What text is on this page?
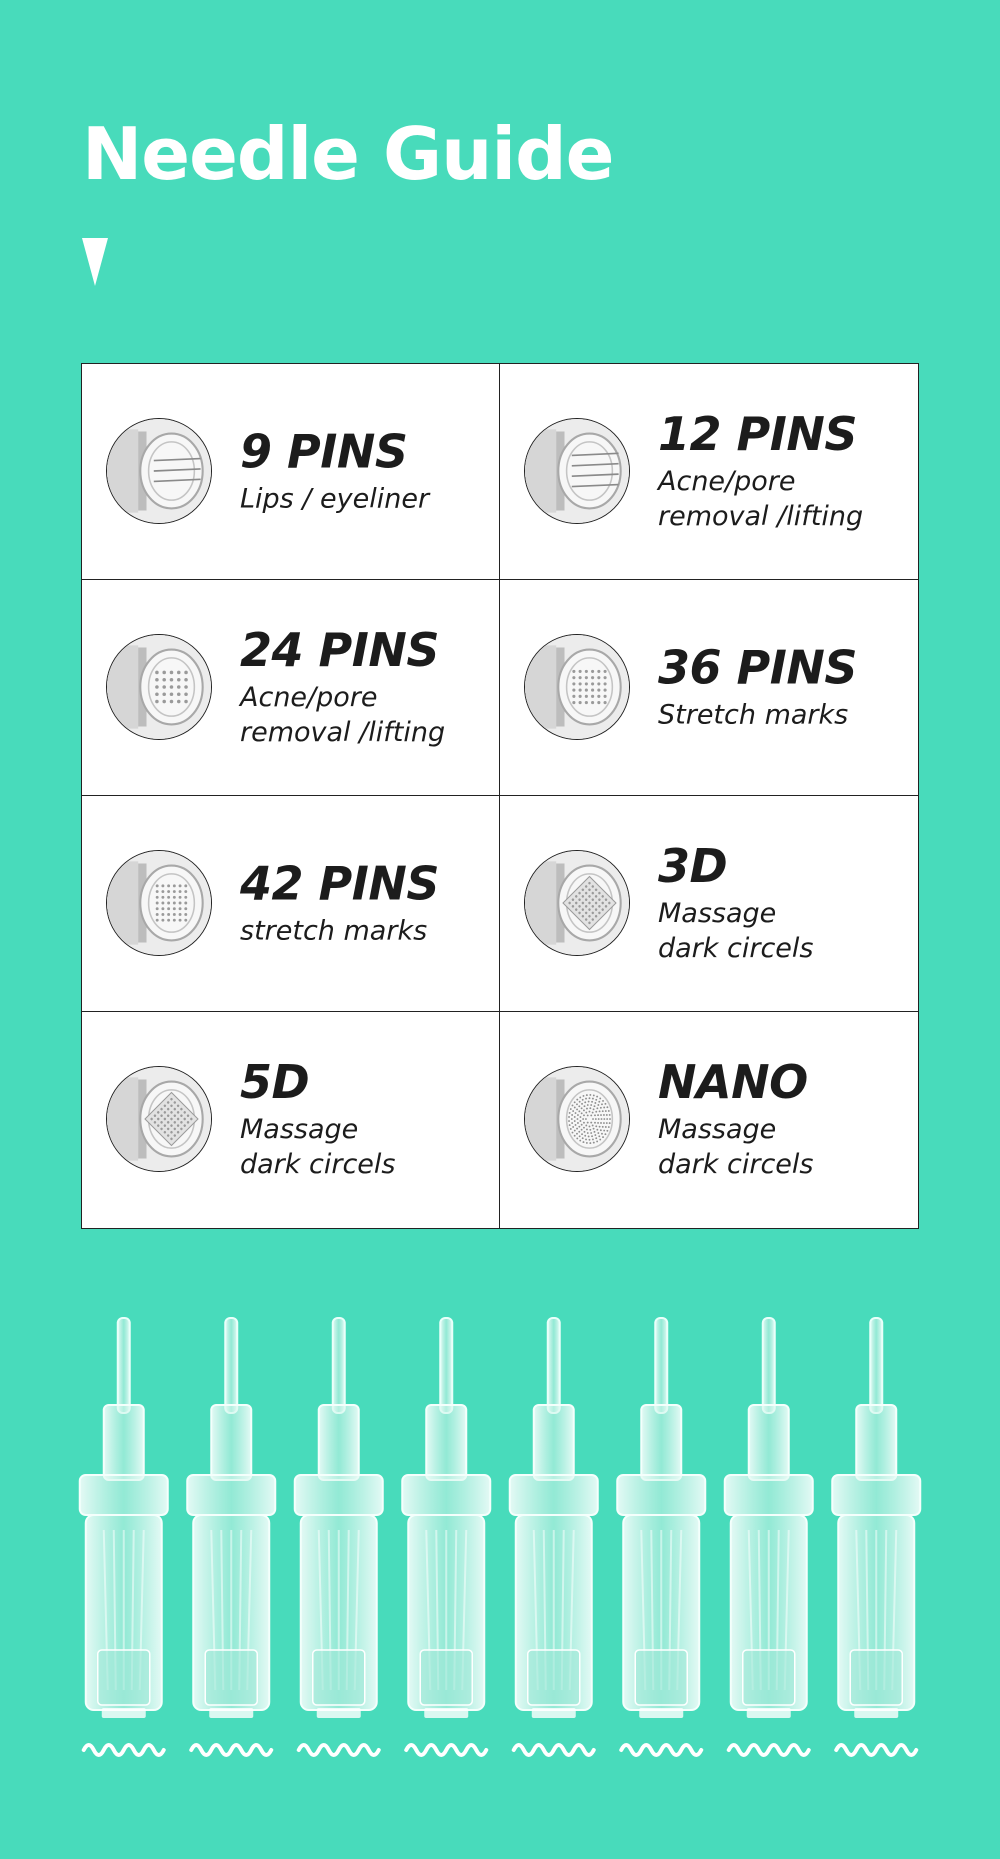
Needle Guide
9 PINS
Lips / eyeliner
12 PINS
Acne/pore
removal /lifting
24 PINS
Acne/pore
removal /lifting
36 PINS
Stretch marks
42 PINS
stretch marks
3D
Massage
dark circels
5D
Massage
dark circels
NANO
Massage
dark circels
